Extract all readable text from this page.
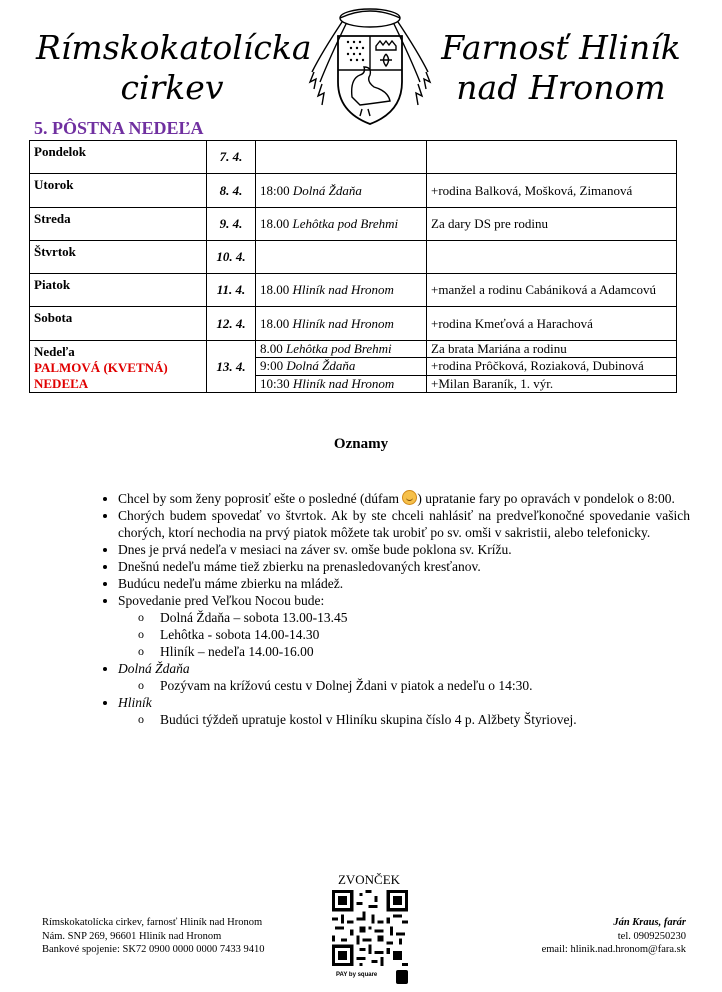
Rímskokatolícka
cirkev
Farnosť Hliník
nad Hronom
5. PÔSTNA NEDEĽA
Pondelok	7. 4.		
Utorok	8. 4.	18:00 Dolná Ždaňa	+rodina Balková, Mošková, Zimanová
Streda	9. 4.	18.00 Lehôtka pod Brehmi	Za dary DS pre rodinu
Štvrtok	10. 4.		
Piatok	11. 4.	18.00 Hliník nad Hronom	+manžel a rodinu Cabániková a Adamcovú
Sobota	12. 4.	18.00 Hliník nad Hronom	+rodina Kmeťová a Harachová
Nedeľa
PALMOVÁ (KVETNÁ) NEDEĽA	13. 4.	8.00 Lehôtka pod Brehmi	Za brata Mariána a rodinu
		9:00 Dolná Ždaňa	+rodina Prôčková, Roziaková, Dubinová
		10:30 Hliník nad Hronom	+Milan Baraník, 1. výr.
Oznamy
• Chcel by som ženy poprosiť ešte o posledné (dúfam ) upratanie fary po opravách v pondelok o 8:00.
• Chorých budem spovedať vo štvrtok. Ak by ste chceli nahlásiť na predveľkonočné spovedanie vašich chorých, ktorí nechodia na prvý piatok môžete tak urobiť po sv. omši v sakristii, alebo telefonicky.
• Dnes je prvá nedeľa v mesiaci na záver sv. omše bude poklona sv. Krížu.
• Dnešnú nedeľu máme tiež zbierku na prenasledovaných kresťanov.
• Budúcu nedeľu máme zbierku na mládež.
• Spovedanie pred Veľkou Nocou bude:
o Dolná Ždaňa – sobota 13.00-13.45
o Lehôtka - sobota 14.00-14.30
o Hliník – nedeľa 14.00-16.00
• Dolná Ždaňa
o Pozývam na krížovú cestu v Dolnej Ždani v piatok a nedeľu o 14:30.
• Hliník
o Budúci týždeň upratuje kostol v Hliníku skupina číslo 4 p. Alžbety Štyriovej.
Rímskokatolícka cirkev, farnosť Hliník nad Hronom
Nám. SNP 269, 96601 Hliník nad Hronom
Bankové spojenie: SK72 0900 0000 0000 7433 9410
ZVONČEK
PAY by square
Ján Kraus, farár
tel. 0909250230
email: hlinik.nad.hronom@fara.sk
